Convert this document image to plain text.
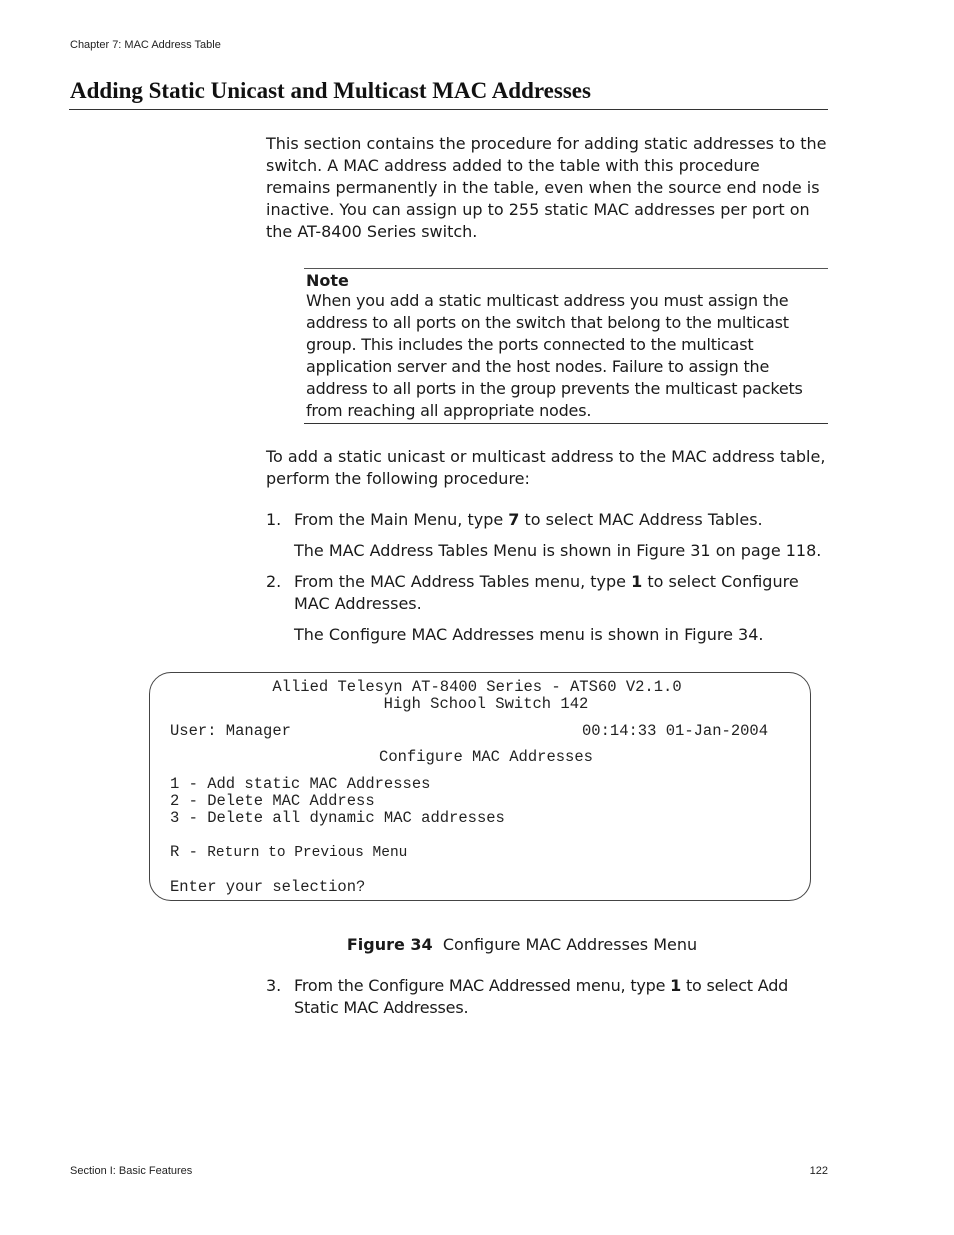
Chapter 7: MAC Address Table
Adding Static Unicast and Multicast MAC Addresses
This section contains the procedure for adding static addresses to the switch. A MAC address added to the table with this procedure remains permanently in the table, even when the source end node is inactive. You can assign up to 255 static MAC addresses per port on the AT-8400 Series switch.
Note
When you add a static multicast address you must assign the address to all ports on the switch that belong to the multicast group. This includes the ports connected to the multicast application server and the host nodes. Failure to assign the address to all ports in the group prevents the multicast packets from reaching all appropriate nodes.
To add a static unicast or multicast address to the MAC address table, perform the following procedure:
1. From the Main Menu, type 7 to select MAC Address Tables.
The MAC Address Tables Menu is shown in Figure 31 on page 118.
2. From the MAC Address Tables menu, type 1 to select Configure MAC Addresses.
The Configure MAC Addresses menu is shown in Figure 34.
Allied Telesyn AT-8400 Series - ATS60 V2.1.0
High School Switch 142
User: Manager	00:14:33 01-Jan-2004
Configure MAC Addresses
1 - Add static MAC Addresses
2 - Delete MAC Address
3 - Delete all dynamic MAC addresses
R - Return to Previous Menu
Enter your selection?
Figure 34 Configure MAC Addresses Menu
3. From the Configure MAC Addressed menu, type 1 to select Add Static MAC Addresses.
Section I: Basic Features	122
